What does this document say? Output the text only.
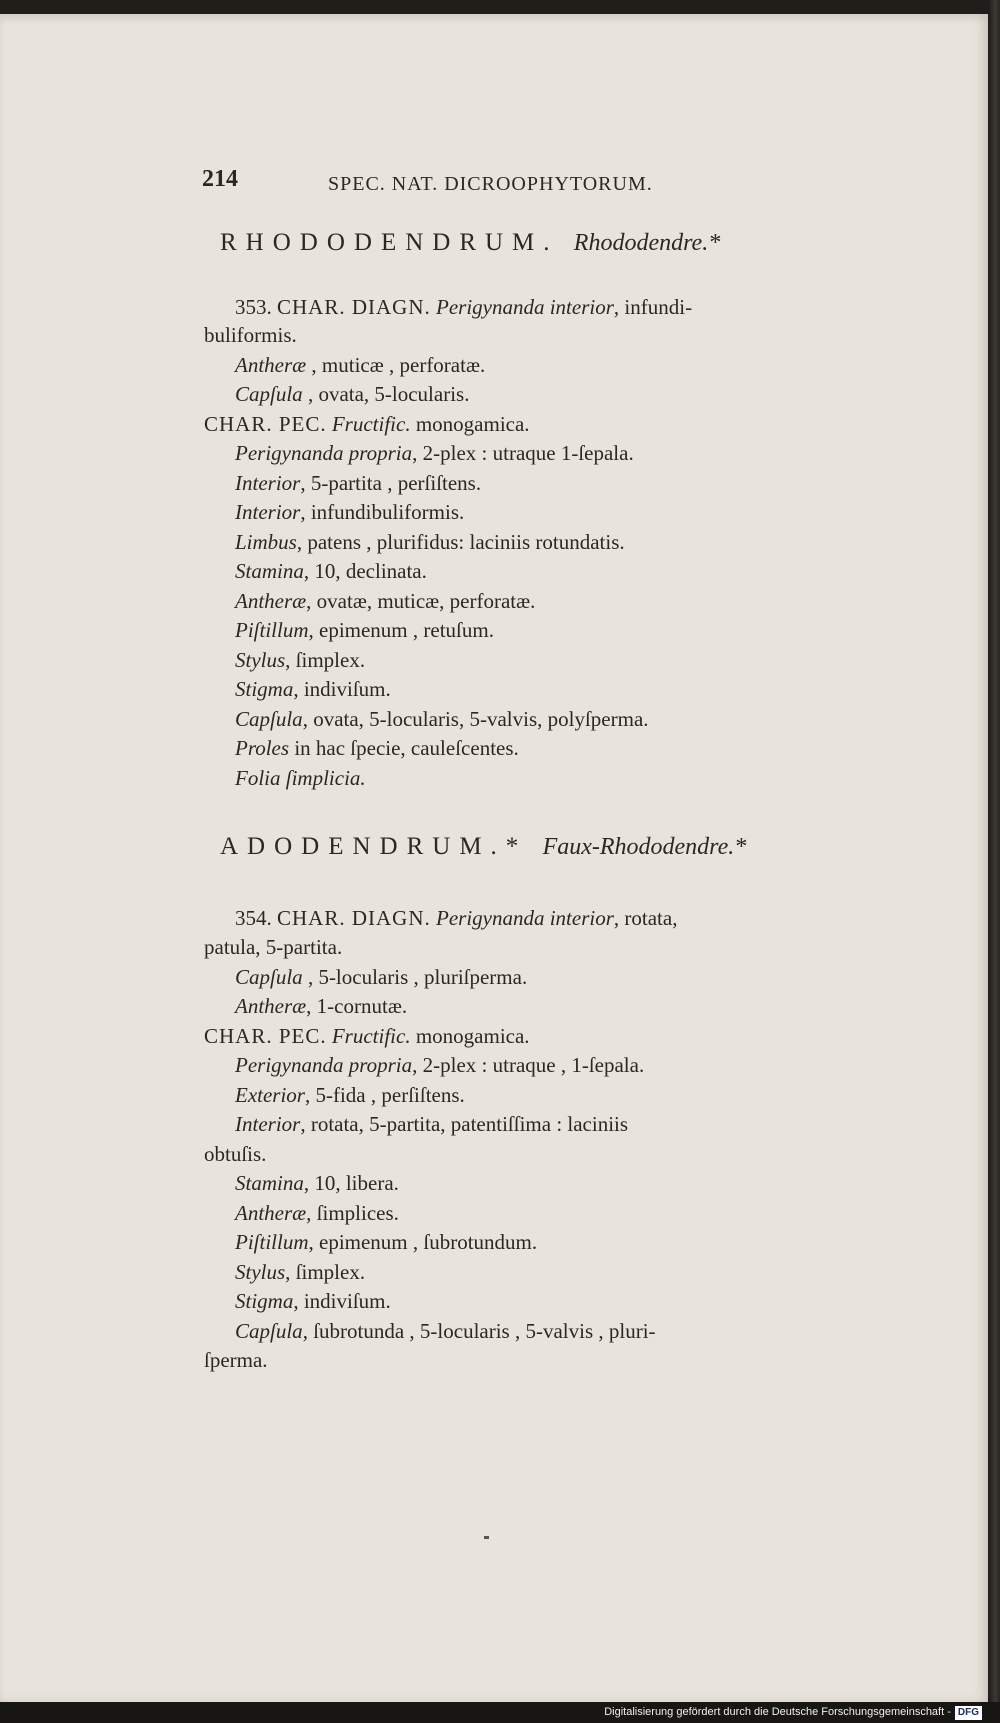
214	SPEC. NAT. DICROOPHYTORUM.
RHODODENDRUM. Rhododendre.*
353. CHAR. DIAGN. Perigynanda interior, infundi-
buliformis.
Antheræ , muticæ , perforatæ.
Capſula , ovata, 5-locularis.
CHAR. PEC. Fructific. monogamica.
Perigynanda propria, 2-plex : utraque 1-ſepala.
Interior, 5-partita , perſiſtens.
Interior, infundibuliformis.
Limbus, patens , plurifidus: laciniis rotundatis.
Stamina, 10, declinata.
Antheræ, ovatæ, muticæ, perforatæ.
Piſtillum, epimenum , retuſum.
Stylus, ſimplex.
Stigma, indiviſum.
Capſula, ovata, 5-locularis, 5-valvis, polyſperma.
Proles in hac ſpecie, cauleſcentes.
Folia ſimplicia.
ADODENDRUM.* Faux-Rhododendre.*
354. CHAR. DIAGN. Perigynanda interior, rotata,
patula, 5-partita.
Capſula , 5-locularis , pluriſperma.
Antheræ, 1-cornutæ.
CHAR. PEC. Fructific. monogamica.
Perigynanda propria, 2-plex : utraque , 1-ſepala.
Exterior, 5-fida , perſiſtens.
Interior, rotata, 5-partita, patentiſſima : laciniis
obtuſis.
Stamina, 10, libera.
Antheræ, ſimplices.
Piſtillum, epimenum , ſubrotundum.
Stylus, ſimplex.
Stigma, indiviſum.
Capſula, ſubrotunda , 5-locularis , 5-valvis , pluri-
ſperma.
Digitalisierung gefördert durch die Deutsche Forschungsgemeinschaft - DFG
